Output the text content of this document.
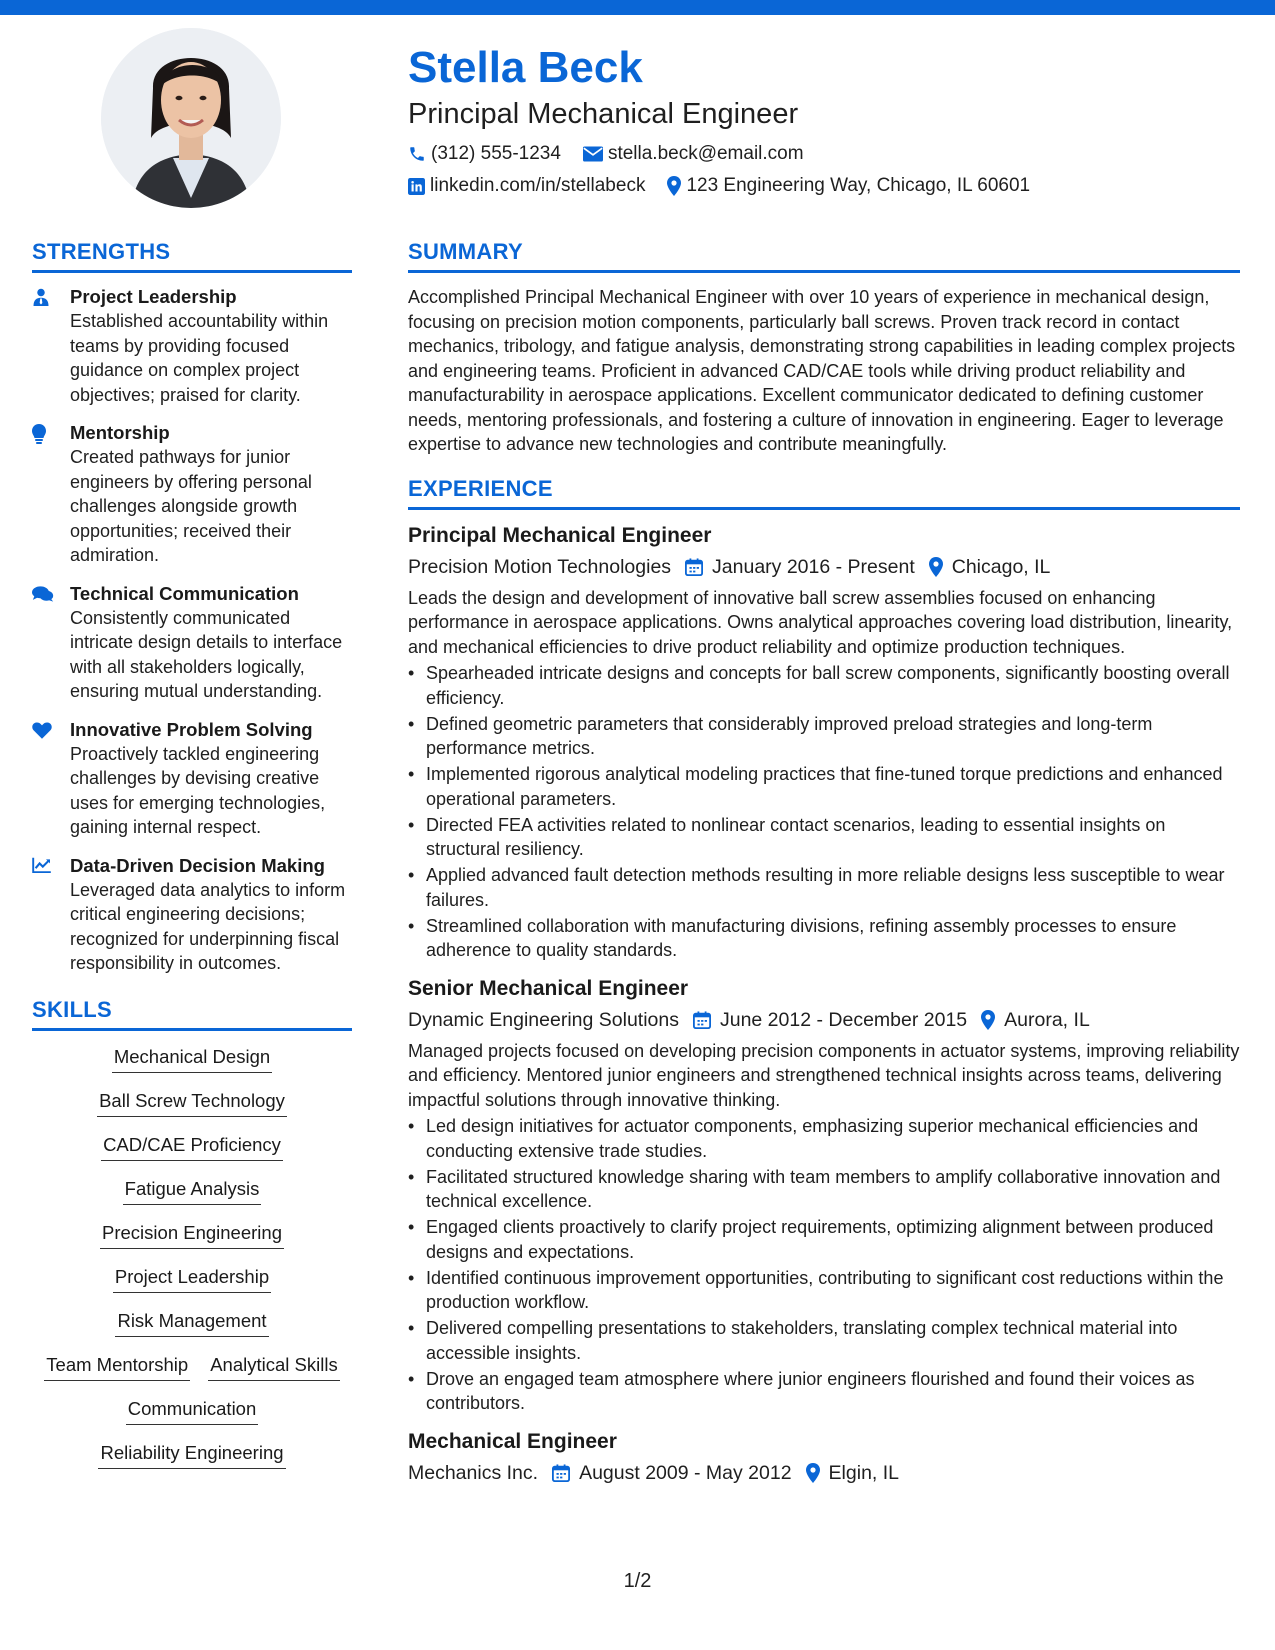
Stella Beck
Principal Mechanical Engineer
(312) 555-1234 stella.beck@email.com
linkedin.com/in/stellabeck 123 Engineering Way, Chicago, IL 60601
STRENGTHS
Project Leadership
Established accountability within teams by providing focused guidance on complex project objectives; praised for clarity.
Mentorship
Created pathways for junior engineers by offering personal challenges alongside growth opportunities; received their admiration.
Technical Communication
Consistently communicated intricate design details to interface with all stakeholders logically, ensuring mutual understanding.
Innovative Problem Solving
Proactively tackled engineering challenges by devising creative uses for emerging technologies, gaining internal respect.
Data-Driven Decision Making
Leveraged data analytics to inform critical engineering decisions; recognized for underpinning fiscal responsibility in outcomes.
SKILLS
Mechanical Design
Ball Screw Technology
CAD/CAE Proficiency
Fatigue Analysis
Precision Engineering
Project Leadership
Risk Management
Team Mentorship Analytical Skills
Communication
Reliability Engineering
SUMMARY

Accomplished Principal Mechanical Engineer with over 10 years of experience in mechanical design, focusing on precision motion components, particularly ball screws. Proven track record in contact mechanics, tribology, and fatigue analysis, demonstrating strong capabilities in leading complex projects and engineering teams. Proficient in advanced CAD/CAE tools while driving product reliability and manufacturability in aerospace applications. Excellent communicator dedicated to defining customer needs, mentoring professionals, and fostering a culture of innovation in engineering. Eager to leverage expertise to advance new technologies and contribute meaningfully.

EXPERIENCE
Principal Mechanical Engineer
Precision Motion Technologies January 2016 - Present Chicago, IL

Leads the design and development of innovative ball screw assemblies focused on enhancing performance in aerospace applications. Owns analytical approaches covering load distribution, linearity, and mechanical efficiencies to drive product reliability and optimize production techniques.

• Spearheaded intricate designs and concepts for ball screw components, significantly boosting overall efficiency.
• Defined geometric parameters that considerably improved preload strategies and long-term performance metrics.
• Implemented rigorous analytical modeling practices that fine-tuned torque predictions and enhanced operational parameters.
• Directed FEA activities related to nonlinear contact scenarios, leading to essential insights on structural resiliency.
• Applied advanced fault detection methods resulting in more reliable designs less susceptible to wear failures.
• Streamlined collaboration with manufacturing divisions, refining assembly processes to ensure adherence to quality standards.
Senior Mechanical Engineer
Dynamic Engineering Solutions June 2012 - December 2015 Aurora, IL

Managed projects focused on developing precision components in actuator systems, improving reliability and efficiency. Mentored junior engineers and strengthened technical insights across teams, delivering impactful solutions through innovative thinking.

• Led design initiatives for actuator components, emphasizing superior mechanical efficiencies and conducting extensive trade studies.
• Facilitated structured knowledge sharing with team members to amplify collaborative innovation and technical excellence.
• Engaged clients proactively to clarify project requirements, optimizing alignment between produced designs and expectations.
• Identified continuous improvement opportunities, contributing to significant cost reductions within the production workflow.
• Delivered compelling presentations to stakeholders, translating complex technical material into accessible insights.
• Drove an engaged team atmosphere where junior engineers flourished and found their voices as contributors.
Mechanical Engineer
Mechanics Inc. August 2009 - May 2012 Elgin, IL
1/2
